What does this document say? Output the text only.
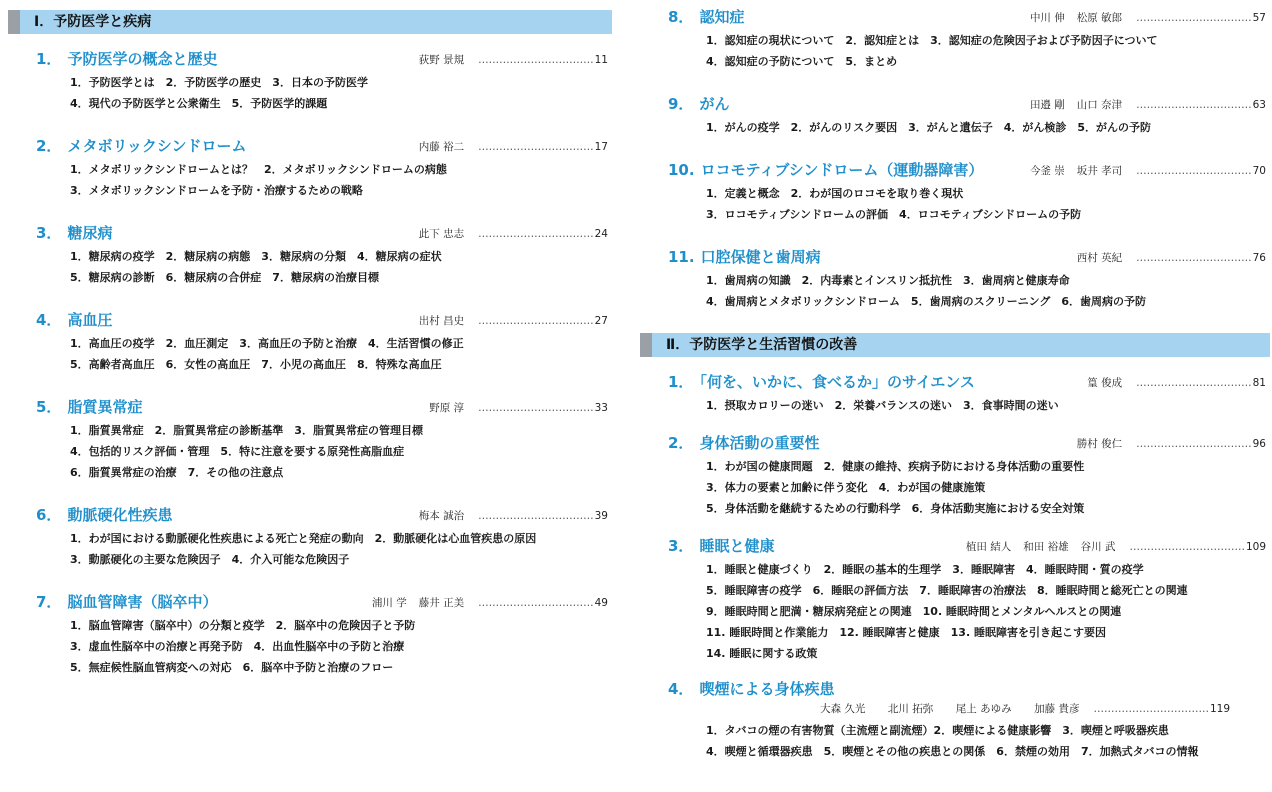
Ⅰ．予防医学と疾病
1． 予防医学の概念と歴史	荻野 景規 …………………………… 11
1．予防医学とは　2．予防医学の歴史　3．日本の予防医学
4．現代の予防医学と公衆衛生　5．予防医学的課題
2． メタボリックシンドローム	内藤 裕二 …………………………… 17
1．メタボリックシンドロームとは？　2．メタボリックシンドロームの病態
3．メタボリックシンドロームを予防・治療するための戦略
3． 糖尿病	此下 忠志 …………………………… 24
1．糖尿病の疫学　2．糖尿病の病態　3．糖尿病の分類　4．糖尿病の症状
5．糖尿病の診断　6．糖尿病の合併症　7．糖尿病の治療目標
4． 高血圧	出村 昌史 …………………………… 27
1．高血圧の疫学　2．血圧測定　3．高血圧の予防と治療　4．生活習慣の修正
5．高齢者高血圧　6．女性の高血圧　7．小児の高血圧　8．特殊な高血圧
5． 脂質異常症	野原 淳 …………………………… 33
1．脂質異常症　2．脂質異常症の診断基準　3．脂質異常症の管理目標
4．包括的リスク評価・管理　5．特に注意を要する原発性高脂血症
6．脂質異常症の治療　7．その他の注意点
6． 動脈硬化性疾患	梅本 誠治 …………………………… 39
1．わが国における動脈硬化性疾患による死亡と発症の動向　2．動脈硬化は心血管疾患の原因
3．動脈硬化の主要な危険因子　4．介入可能な危険因子
7． 脳血管障害（脳卒中）	浦川 学 藤井 正美 …………………………… 49
1．脳血管障害（脳卒中）の分類と疫学　2．脳卒中の危険因子と予防
3．虚血性脳卒中の治療と再発予防　4．出血性脳卒中の予防と治療
5．無症候性脳血管病変への対応　6．脳卒中予防と治療のフロー
8． 認知症	中川 伸 松原 敏郎 …………………………… 57
1．認知症の現状について　2．認知症とは　3．認知症の危険因子および予防因子について
4．認知症の予防について　5．まとめ
9． がん	田邉 剛 山口 奈津 …………………………… 63
1．がんの疫学　2．がんのリスク要因　3．がんと遺伝子　4．がん検診　5．がんの予防
10. ロコモティブシンドローム（運動器障害）	今釜 崇 坂井 孝司 …………………………… 70
1．定義と概念　2．わが国のロコモを取り巻く現状
3．ロコモティブシンドロームの評価　4．ロコモティブシンドロームの予防
11. 口腔保健と歯周病	西村 英紀 …………………………… 76
1．歯周病の知識　2．内毒素とインスリン抵抗性　3．歯周病と健康寿命
4．歯周病とメタボリックシンドローム　5．歯周病のスクリーニング　6．歯周病の予防
Ⅱ．予防医学と生活習慣の改善
1． 「何を、いかに、食べるか」のサイエンス	篁 俊成 …………………………… 81
1．摂取カロリーの迷い　2．栄養バランスの迷い　3．食事時間の迷い
2． 身体活動の重要性	勝村 俊仁 …………………………… 96
1．わが国の健康問題　2．健康の維持、疾病予防における身体活動の重要性
3．体力の要素と加齢に伴う変化　4．わが国の健康施策
5．身体活動を継続するための行動科学　6．身体活動実施における安全対策
3． 睡眠と健康	植田 結人 和田 裕雄 谷川 武 …………………………… 109
1．睡眠と健康づくり　2．睡眠の基本的生理学　3．睡眠障害　4．睡眠時間・質の疫学
5．睡眠障害の疫学　6．睡眠の評価方法　7．睡眠障害の治療法　8．睡眠時間と総死亡との関連
9．睡眠時間と肥満・糖尿病発症との関連　10. 睡眠時間とメンタルヘルスとの関連
11. 睡眠時間と作業能力　12. 睡眠障害と健康　13. 睡眠障害を引き起こす要因
14. 睡眠に関する政策
4． 喫煙による身体疾患
大森 久光　 北川 拓弥　 尾上 あゆみ　 加藤 貴彦 ……………………………119
1．タバコの煙の有害物質（主流煙と副流煙）2．喫煙による健康影響　3．喫煙と呼吸器疾患
4．喫煙と循環器疾患　5．喫煙とその他の疾患との関係　6．禁煙の効用　7．加熱式タバコの情報
